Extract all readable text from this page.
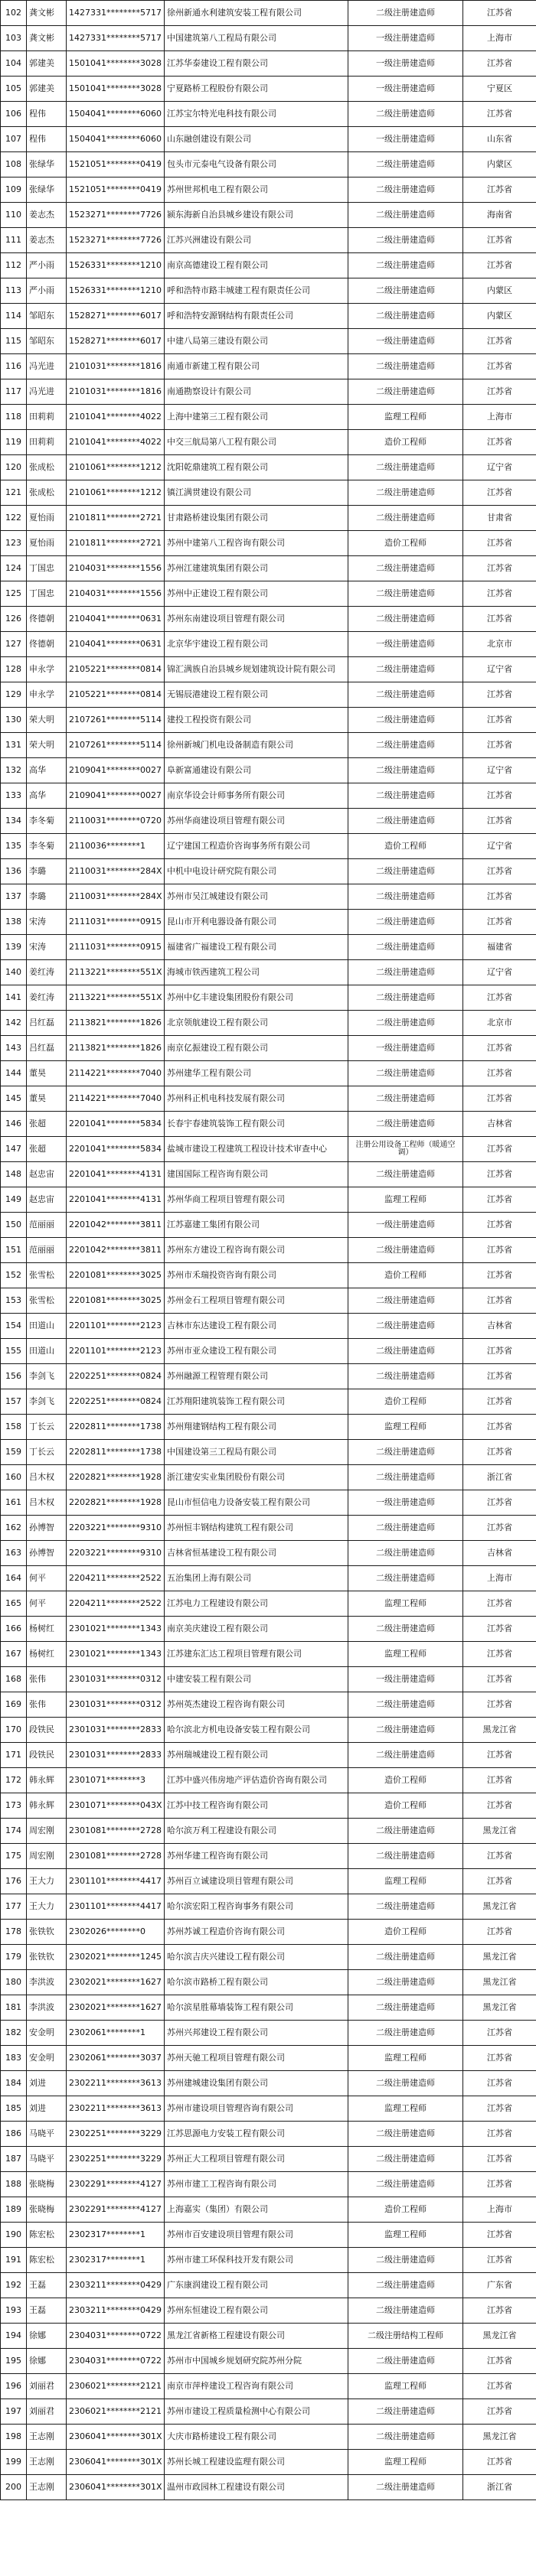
102	龚文彬	1427331********5717	徐州新通水利建筑安装工程有限公司	二级注册建造师	江苏省
103	龚文彬	1427331********5717	中国建筑第八工程局有限公司	一级注册建造师	上海市
104	郭建美	1501041********3028	江苏华泰建设工程有限公司	一级注册建造师	江苏省
105	郭建美	1501041********3028	宁夏路桥工程股份有限公司	一级注册建造师	宁夏区
106	程伟	1504041********6060	江苏宝尔特光电科技有限公司	二级注册建造师	江苏省
107	程伟	1504041********6060	山东融创建设有限公司	一级注册建造师	山东省
108	张绿华	1521051********0419	包头市元泰电气设备有限公司	二级注册建造师	内蒙区
109	张绿华	1521051********0419	苏州世邦机电工程有限公司	二级注册建造师	江苏省
110	姜志杰	1523271********7726	颍东海新自治县城乡建设有限公司	二级注册建造师	海南省
111	姜志杰	1523271********7726	江苏兴洲建设有限公司	二级注册建造师	江苏省
112	严小雨	1526331********1210	南京高德建设工程有限公司	二级注册建造师	江苏省
113	严小雨	1526331********1210	呼和浩特市路丰城建工程有限责任公司	二级注册建造师	内蒙区
114	邹昭东	1528271********6017	呼和浩特安源钢结构有限责任公司	二级注册建造师	内蒙区
115	邹昭东	1528271********6017	中建八局第三建设有限公司	一级注册建造师	江苏省
116	冯光进	2101031********1816	南通市新建工程有限公司	二级注册建造师	江苏省
117	冯光进	2101031********1816	南通勘察设计有限公司	二级注册建造师	江苏省
118	田莉莉	2101041********4022	上海中建第三工程有限公司	监理工程师	上海市
119	田莉莉	2101041********4022	中交三航局第八工程有限公司	造价工程师	江苏省
120	张成松	2101061********1212	沈阳乾鼎建筑工程有限公司	二级注册建造师	辽宁省
121	张成松	2101061********1212	镇江满贯建设有限公司	二级注册建造师	江苏省
122	夏怡雨	2101811********2721	甘肃路桥建设集团有限公司	二级注册建造师	甘肃省
123	夏怡雨	2101811********2721	苏州中建第八工程咨询有限公司	造价工程师	江苏省
124	丁国忠	2104031********1556	苏州江建建筑集团有限公司	二级注册建造师	江苏省
125	丁国忠	2104031********1556	苏州中正建设工程有限公司	二级注册建造师	江苏省
126	佟德朝	2104041********0631	苏州东南建设项目管理有限公司	二级注册建造师	江苏省
127	佟德朝	2104041********0631	北京华宇建设工程有限公司	一级注册建造师	北京市
128	申永学	2105221********0814	锦汇满族自治县城乡规划建筑设计院有限公司	二级注册建造师	辽宁省
129	申永学	2105221********0814	无锡辰港建设工程有限公司	二级注册建造师	江苏省
130	荣大明	2107261********5114	建投工程投资有限公司	二级注册建造师	江苏省
131	荣大明	2107261********5114	徐州新城门机电设备制造有限公司	二级注册建造师	江苏省
132	高华	2109041********0027	阜新富通建设有限公司	二级注册建造师	辽宁省
133	高华	2109041********0027	南京华设会计师事务所有限公司	二级注册建造师	江苏省
134	李冬菊	2110031********0720	苏州华商建设项目管理有限公司	二级注册建造师	江苏省
135	李冬菊	2110036********1	辽宁建国工程造价咨询事务所有限公司	造价工程师	辽宁省
136	李璐	2110031********284X	中机中电设计研究院有限公司	二级注册建造师	江苏省
137	李璐	2110031********284X	苏州市吴江城建设有限公司	二级注册建造师	江苏省
138	宋涛	2111031********0915	昆山市开利电器设备有限公司	二级注册建造师	江苏省
139	宋涛	2111031********0915	福建省广福建设工程有限公司	二级注册建造师	福建省
140	姜红涛	2113221********551X	海城市铁西建筑工程公司	二级注册建造师	辽宁省
141	姜红涛	2113221********551X	苏州中亿丰建设集团股份有限公司	二级注册建造师	江苏省
142	吕红磊	2113821********1826	北京领航建设工程有限公司	二级注册建造师	北京市
143	吕红磊	2113821********1826	南京亿振建设工程有限公司	一级注册建造师	江苏省
144	董昊	2114221********7040	苏州建华工程有限公司	二级注册建造师	江苏省
145	董昊	2114221********7040	苏州科正机电科技发展有限公司	二级注册建造师	江苏省
146	张超	2201041********5834	长春宇春建筑装饰工程有限公司	二级注册建造师	吉林省
147	张超	2201041********5834	盐城市建设工程建筑工程设计技术审查中心	注册公用设备工程师（暖通空调）	江苏省
148	赵忠宙	2201041********4131	建国国际工程咨询有限公司	二级注册建造师	江苏省
149	赵忠宙	2201041********4131	苏州华商工程项目管理有限公司	监理工程师	江苏省
150	范丽丽	2201042********3811	江苏嘉建工集团有限公司	一级注册建造师	江苏省
151	范丽丽	2201042********3811	苏州东方建设工程咨询有限公司	二级注册建造师	江苏省
152	张雪松	2201081********3025	苏州市禾瑞投资咨询有限公司	造价工程师	江苏省
153	张雪松	2201081********3025	苏州金石工程项目管理有限公司	二级注册建造师	江苏省
154	田道山	2201101********2123	吉林市东达建设工程有限公司	二级注册建造师	吉林省
155	田道山	2201101********2123	苏州市亚众建设工程有限公司	二级注册建造师	江苏省
156	李剑飞	2202251********0824	苏州融源工程管理有限公司	二级注册建造师	江苏省
157	李剑飞	2202251********0824	江苏翔阳建筑装饰工程有限公司	造价工程师	江苏省
158	丁长云	2202811********1738	苏州翔建钢结构工程有限公司	监理工程师	江苏省
159	丁长云	2202811********1738	中国建设第三工程局有限公司	二级注册建造师	江苏省
160	吕木权	2202821********1928	浙江建安实业集团股份有限公司	二级注册建造师	浙江省
161	吕木权	2202821********1928	昆山市恒信电力设备安装工程有限公司	一级注册建造师	江苏省
162	孙博智	2203221********9310	苏州恒丰钢结构建筑工程有限公司	二级注册建造师	江苏省
163	孙博智	2203221********9310	吉林省恒基建设工程有限公司	二级注册建造师	吉林省
164	何平	2204211********2522	五治集团上海有限公司	二级注册建造师	上海市
165	何平	2204211********2522	江苏电力工程建设有限公司	监理工程师	江苏省
166	杨树红	2301021********1343	南京美庆建设工程有限公司	二级注册建造师	江苏省
167	杨树红	2301021********1343	江苏建东汇达工程项目管理有限公司	监理工程师	江苏省
168	张伟	2301031********0312	中建安装工程有限公司	一级注册建造师	江苏省
169	张伟	2301031********0312	苏州英杰建设工程咨询有限公司	二级注册建造师	江苏省
170	段铁民	2301031********2833	哈尔滨北方机电设备安装工程有限公司	二级注册建造师	黑龙江省
171	段铁民	2301031********2833	苏州瑞城建设工程有限公司	二级注册建造师	江苏省
172	韩永辉	2301071********3	江苏中盛兴伟房地产评估造价咨询有限公司	造价工程师	江苏省
173	韩永辉	2301071********043X	江苏中技工程咨询有限公司	造价工程师	江苏省
174	周宏刚	2301081********2728	哈尔滨万利工程建设有限公司	二级注册建造师	黑龙江省
175	周宏刚	2301081********2728	苏州华建工程咨询有限公司	二级注册建造师	江苏省
176	王大力	2301101********4417	苏州百立诚建设项目管理有限公司	监理工程师	江苏省
177	王大力	2301101********4417	哈尔滨宏阳工程咨询事务有限公司	二级注册建造师	黑龙江省
178	张铁钦	2302026********0	苏州苏诚工程造价咨询有限公司	造价工程师	江苏省
179	张铁钦	2302021********1245	哈尔滨吉庆兴建设工程有限公司	二级注册建造师	黑龙江省
180	李洪波	2302021********1627	哈尔滨市路桥工程有限公司	二级注册建造师	黑龙江省
181	李洪波	2302021********1627	哈尔滨星胜幕墙装饰工程有限公司	二级注册建造师	黑龙江省
182	安金明	2302061********1	苏州兴邦建设工程有限公司	二级注册建造师	江苏省
183	安金明	2302061********3037	苏州天驰工程项目管理有限公司	监理工程师	江苏省
184	刘进	2302211********3613	苏州建城建设集团有限公司	二级注册建造师	江苏省
185	刘进	2302211********3613	苏州市建设项目管理咨询有限公司	监理工程师	江苏省
186	马晓平	2302251********3229	江苏思源电力安装工程有限公司	二级注册建造师	江苏省
187	马晓平	2302251********3229	苏州正大工程项目管理有限公司	二级注册建造师	江苏省
188	张晓梅	2302291********4127	苏州市建工工程咨询有限公司	二级注册建造师	江苏省
189	张晓梅	2302291********4127	上海嘉实（集团）有限公司	造价工程师	上海市
190	陈宏松	2302317********1	苏州市百安建设项目管理有限公司	监理工程师	江苏省
191	陈宏松	2302317********1	苏州市建工环保科技开发有限公司	二级注册建造师	江苏省
192	王磊	2303211********0429	广东康润建设工程有限公司	二级注册建造师	广东省
193	王磊	2303211********0429	苏州东恒建设工程有限公司	二级注册建造师	江苏省
194	徐娜	2304031********0722	黑龙江省新格工程建设有限公司	二级注册结构工程师	黑龙江省
195	徐娜	2304031********0722	苏州市中国城乡规划研究院苏州分院	二级注册建造师	江苏省
196	刘丽君	2306021********2121	南京市萍梓建设工程咨询有限公司	监理工程师	江苏省
197	刘丽君	2306021********2121	苏州市建设工程质量检测中心有限公司	二级注册建造师	江苏省
198	王志刚	2306041********301X	大庆市路桥建设工程有限公司	二级注册建造师	黑龙江省
199	王志刚	2306041********301X	苏州长城工程建设监理有限公司	监理工程师	江苏省
200	王志刚	2306041********301X	温州市政园林工程建设有限公司	二级注册建造师	浙江省
